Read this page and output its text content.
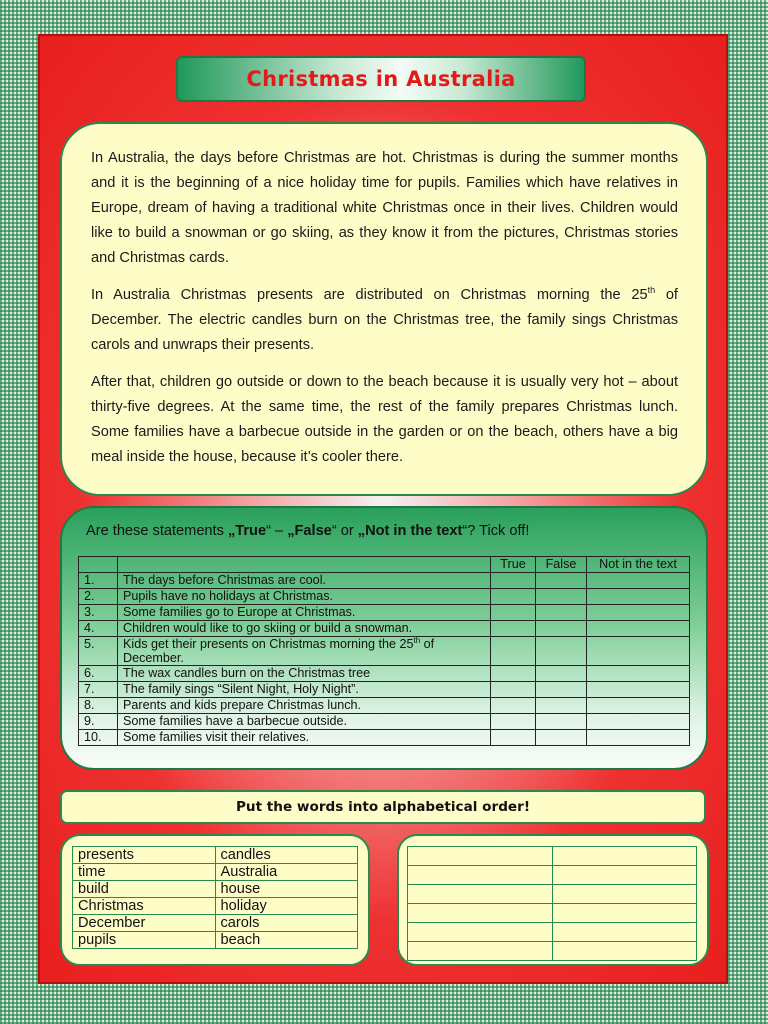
Christmas in Australia

In Australia, the days before Christmas are hot. Christmas is during the summer months and it is the beginning of a nice holiday time for pupils. Families which have relatives in Europe, dream of having a traditional white Christmas once in their lives. Children would like to build a snowman or go skiing, as they know it from the pictures, Christmas stories and Christmas cards.

In Australia Christmas presents are distributed on Christmas morning the 25th of December. The electric candles burn on the Christmas tree, the family sings Christmas carols and unwraps their presents.

After that, children go outside or down to the beach because it is usually very hot – about thirty-five degrees. At the same time, the rest of the family prepares Christmas lunch. Some families have a barbecue outside in the garden or on the beach, others have a big meal inside the house, because it’s cooler there.

Are these statements „True“ – „False“ or „Not in the text“? Tick off!
		True	False	Not in the text
1.	The days before Christmas are cool.			
2.	Pupils have no holidays at Christmas.			
3.	Some families go to Europe at Christmas.			
4.	Children would like to go skiing or build a snowman.			
5.	Kids get their presents on Christmas morning the 25th of December.			
6.	The wax candles burn on the Christmas tree			
7.	The family sings “Silent Night, Holy Night”.			
8.	Parents and kids prepare Christmas lunch.			
9.	Some families have a barbecue outside.			
10.	Some families visit their relatives.			
Put the words into alphabetical order!
presents	candles
time	Australia
build	house
Christmas	holiday
December	carols
pupils	beach
